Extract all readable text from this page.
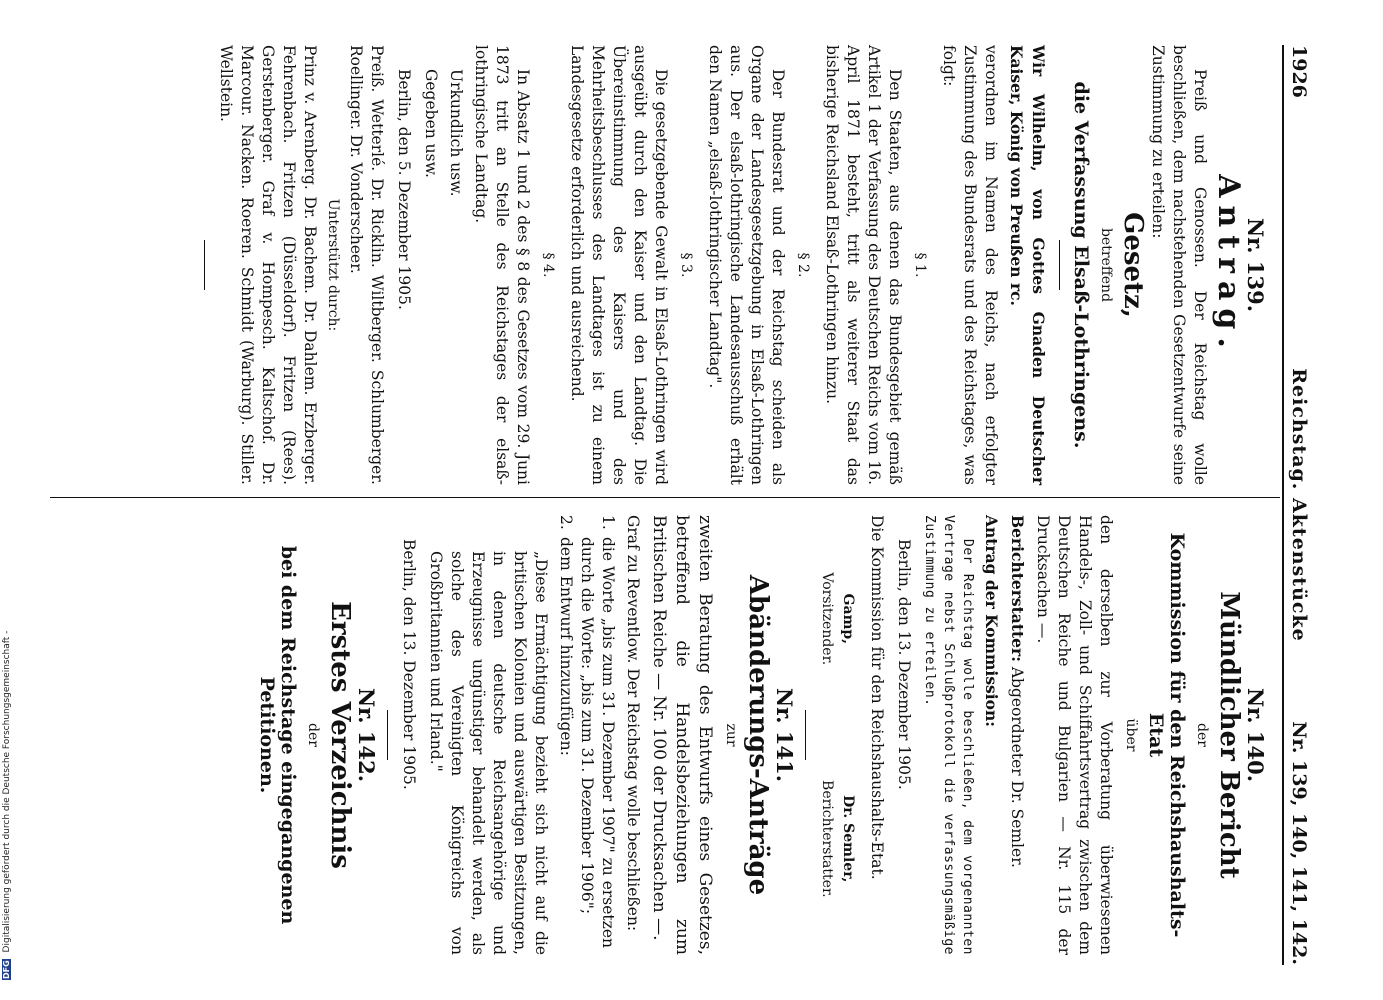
DFG Digitalisierung gefördert durch die Deutsche Forschungsgemeinschaft -
1926
Reichstag. Aktenstücke
Nr. 139, 140, 141, 142.
Nr. 139.
Antrag.
Preiß und Genossen. Der Reichstag wolle beschließen, dem nachstehenden Gesetzentwurfe seine Zustimmung zu erteilen:
Gesetz,
betreffend
die Verfassung Elsaß-Lothringens.
Wir Wilhelm, von Gottes Gnaden Deutscher Kaiser, König von Preußen rc.
verordnen im Namen des Reichs, nach erfolgter Zustimmung des Bundesrats und des Reichstages, was folgt:
§ 1.
Den Staaten, aus denen das Bundesgebiet gemäß Artikel 1 der Verfassung des Deutschen Reichs vom 16. April 1871 besteht, tritt als weiterer Staat das bisherige Reichsland Elsaß-Lothringen hinzu.
§ 2.
Der Bundesrat und der Reichstag scheiden als Organe der Landesgesetzgebung in Elsaß-Lothringen aus. Der elsaß-lothringische Landesausschuß erhält den Namen „elsaß-lothringischer Landtag".
§ 3.
Die gesetzgebende Gewalt in Elsaß-Lothringen wird ausgeübt durch den Kaiser und den Landtag. Die Übereinstimmung des Kaisers und des Mehrheitsbeschlusses des Landtages ist zu einem Landesgesetze erforderlich und ausreichend.
§ 4.
In Absatz 1 und 2 des § 8 des Gesetzes vom 29. Juni 1873 tritt an Stelle des Reichstages der elsaß-lothringische Landtag.
Urkundlich usw.
Gegeben usw.
Berlin, den 5. Dezember 1905.
Preiß. Wetterlé. Dr. Ricklin. Wiltberger. Schlumberger. Roellinger. Dr. Vonderscheer.
Unterstützt durch:
Prinz v. Arenberg. Dr. Bachem. Dr. Dahlem. Erzberger. Fehrenbach. Fritzen (Düsseldorf). Fritzen (Rees). Gerstenberger. Graf v. Hompesch. Kaltschof. Dr. Marcour. Nacken. Roeren. Schmidt (Warburg). Stiller. Wellstein.
Nr. 140.
Mündlicher Bericht
der
Kommission für den Reichshaushalts-Etat
über
den derselben zur Vorberatung überwiesenen Handels-, Zoll- und Schiffahrtsvertrag zwischen dem Deutschen Reiche und Bulgarien — Nr. 115 der Drucksachen —.
Berichterstatter: Abgeordneter Dr. Semler.
Antrag der Kommission:
Der Reichstag wolle beschließen, dem vorgenannten Vertrage nebst Schlußprotokoll die verfassungsmäßige Zustimmung zu erteilen.
Berlin, den 13. Dezember 1905.
Die Kommission für den Reichshaushalts-Etat.
Gamp,
Vorsitzender.
Dr. Semler,
Berichterstatter.
Nr. 141.
Abänderungs-Anträge
zur
zweiten Beratung des Entwurfs eines Gesetzes, betreffend die Handelsbeziehungen zum Britischen Reiche — Nr. 100 der Drucksachen —.
Graf zu Reventlow. Der Reichstag wolle beschließen:
1.
die Worte „bis zum 31. Dezember 1907" zu ersetzen durch die Worte: „bis zum 31. Dezember 1906";
2.
dem Entwurf hinzuzufügen:
„Diese Ermächtigung bezieht sich nicht auf die britischen Kolonien und auswärtigen Besitzungen, in denen deutsche Reichsangehörige und Erzeugnisse ungünstiger behandelt werden, als solche des Vereinigten Königreichs von Großbritannien und Irland."
Berlin, den 13. Dezember 1905.
Nr. 142.
Erstes Verzeichnis
der
bei dem Reichstage eingegangenen Petitionen.
